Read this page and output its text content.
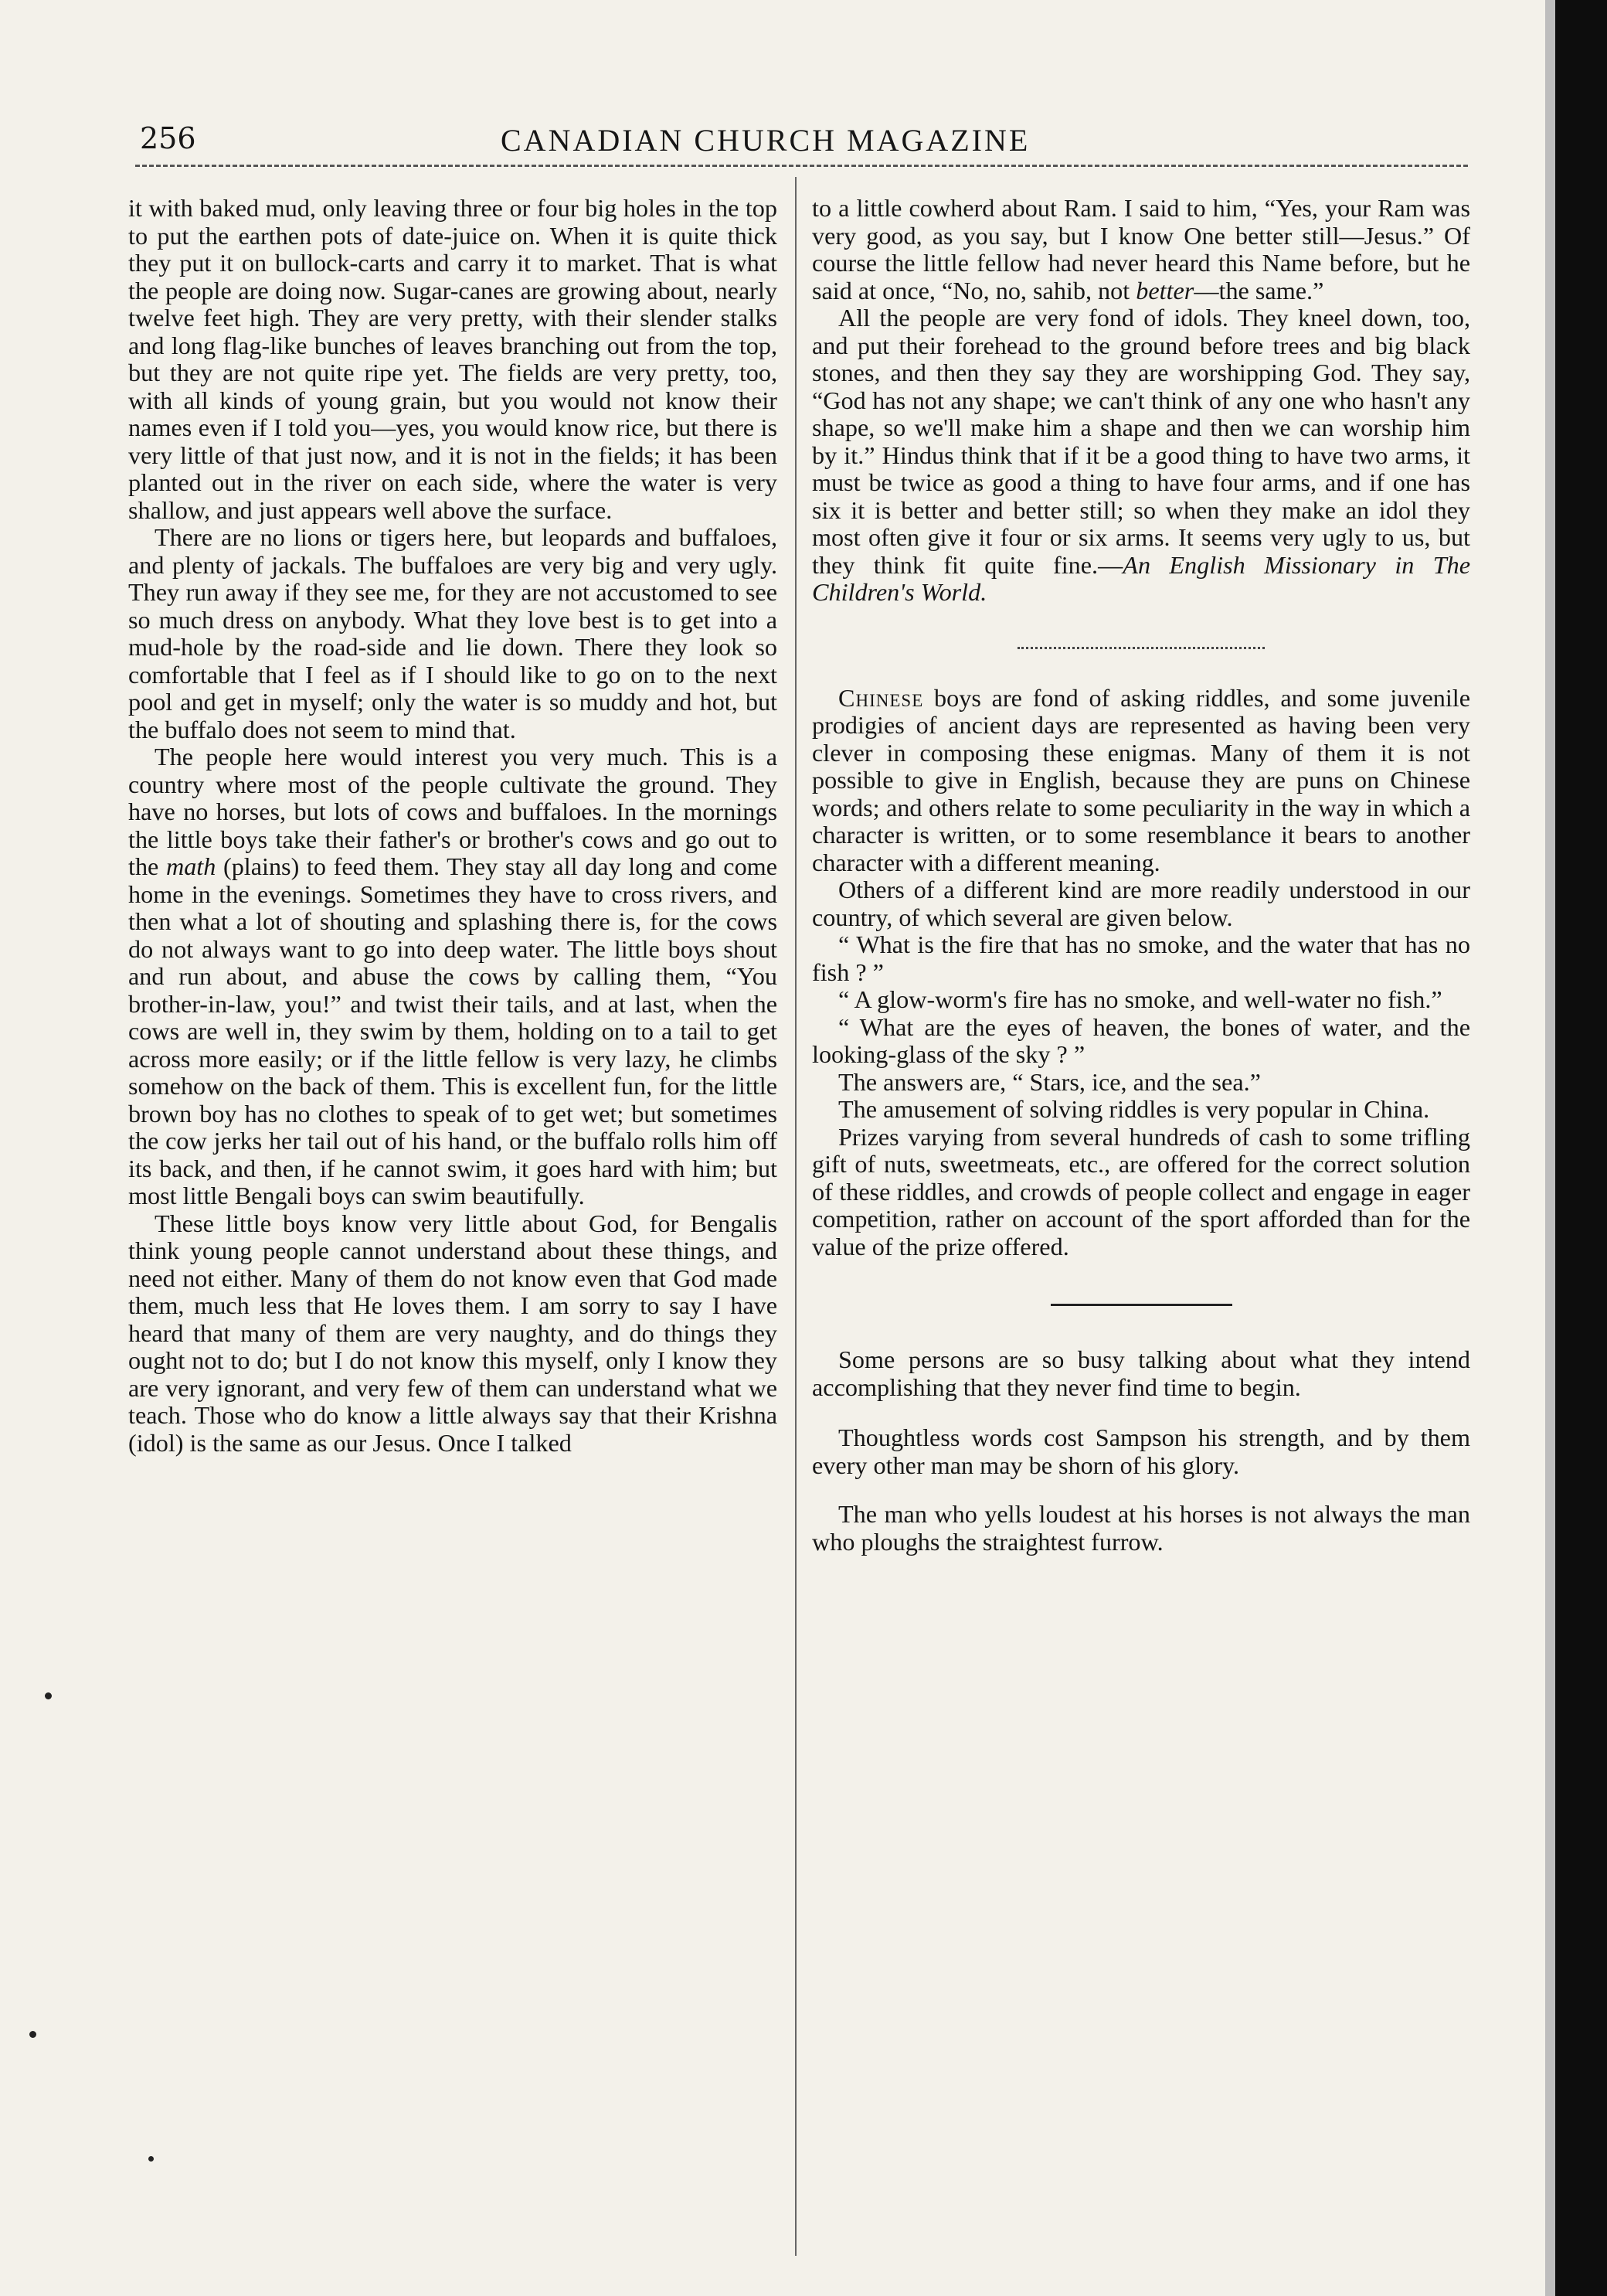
256	CANADIAN CHURCH MAGAZINE

it with baked mud, only leaving three or four big holes in the top to put the earthen pots of date-juice on. When it is quite thick they put it on bullock-carts and carry it to market. That is what the people are doing now. Sugar-canes are growing about, nearly twelve feet high. They are very pretty, with their slender stalks and long flag-like bunches of leaves branching out from the top, but they are not quite ripe yet. The fields are very pretty, too, with all kinds of young grain, but you would not know their names even if I told you—yes, you would know rice, but there is very little of that just now, and it is not in the fields; it has been planted out in the river on each side, where the water is very shallow, and just appears well above the surface.

There are no lions or tigers here, but leopards and buffaloes, and plenty of jackals. The buffaloes are very big and very ugly. They run away if they see me, for they are not accustomed to see so much dress on anybody. What they love best is to get into a mud-hole by the road-side and lie down. There they look so comfortable that I feel as if I should like to go on to the next pool and get in myself; only the water is so muddy and hot, but the buffalo does not seem to mind that.

The people here would interest you very much. This is a country where most of the people cultivate the ground. They have no horses, but lots of cows and buffaloes. In the mornings the little boys take their father's or brother's cows and go out to the math (plains) to feed them. They stay all day long and come home in the evenings. Sometimes they have to cross rivers, and then what a lot of shouting and splashing there is, for the cows do not always want to go into deep water. The little boys shout and run about, and abuse the cows by calling them, “You brother-in-law, you!” and twist their tails, and at last, when the cows are well in, they swim by them, holding on to a tail to get across more easily; or if the little fellow is very lazy, he climbs somehow on the back of them. This is excellent fun, for the little brown boy has no clothes to speak of to get wet; but sometimes the cow jerks her tail out of his hand, or the buffalo rolls him off its back, and then, if he cannot swim, it goes hard with him; but most little Bengali boys can swim beautifully.

These little boys know very little about God, for Bengalis think young people cannot understand about these things, and need not either. Many of them do not know even that God made them, much less that He loves them. I am sorry to say I have heard that many of them are very naughty, and do things they ought not to do; but I do not know this myself, only I know they are very ignorant, and very few of them can understand what we teach. Those who do know a little always say that their Krishna (idol) is the same as our Jesus. Once I talked

to a little cowherd about Ram. I said to him, “Yes, your Ram was very good, as you say, but I know One better still—Jesus.” Of course the little fellow had never heard this Name before, but he said at once, “No, no, sahib, not better—the same.”

All the people are very fond of idols. They kneel down, too, and put their forehead to the ground before trees and big black stones, and then they say they are worshipping God. They say, “God has not any shape; we can't think of any one who hasn't any shape, so we'll make him a shape and then we can worship him by it.” Hindus think that if it be a good thing to have two arms, it must be twice as good a thing to have four arms, and if one has six it is better and better still; so when they make an idol they most often give it four or six arms. It seems very ugly to us, but they think fit quite fine.—An English Missionary in The Children's World.

Chinese boys are fond of asking riddles, and some juvenile prodigies of ancient days are represented as having been very clever in composing these enigmas. Many of them it is not possible to give in English, because they are puns on Chinese words; and others relate to some peculiarity in the way in which a character is written, or to some resemblance it bears to another character with a different meaning.

Others of a different kind are more readily understood in our country, of which several are given below.

“ What is the fire that has no smoke, and the water that has no fish ? ”

“ A glow-worm's fire has no smoke, and well-water no fish.”

“ What are the eyes of heaven, the bones of water, and the looking-glass of the sky ? ”

The answers are, “ Stars, ice, and the sea.”

The amusement of solving riddles is very popular in China.

Prizes varying from several hundreds of cash to some trifling gift of nuts, sweetmeats, etc., are offered for the correct solution of these riddles, and crowds of people collect and engage in eager competition, rather on account of the sport afforded than for the value of the prize offered.

Some persons are so busy talking about what they intend accomplishing that they never find time to begin.

Thoughtless words cost Sampson his strength, and by them every other man may be shorn of his glory.

The man who yells loudest at his horses is not always the man who ploughs the straightest furrow.
